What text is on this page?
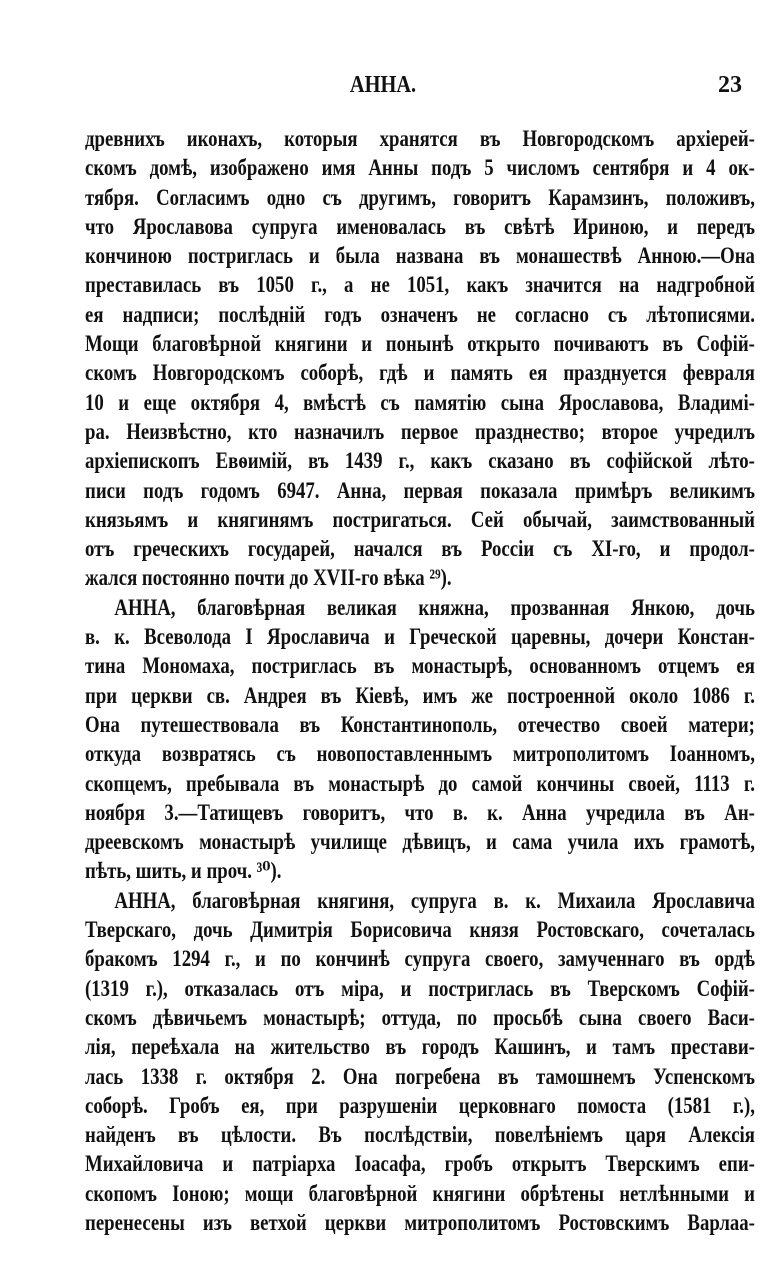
АННА.	23
древнихъ иконахъ, которыя хранятся въ Новгородскомъ архіерей-
скомъ домѣ, изображено имя Анны подъ 5 числомъ сентября и 4 ок-
тября. Согласимъ одно съ другимъ, говоритъ Карамзинъ, положивъ,
что Ярославова супруга именовалась въ свѣтѣ Ириною, и передъ
кончиною постриглась и была названа въ монашествѣ Анною.—Она
преставилась въ 1050 г., а не 1051, какъ значится на надгробной
ея надписи; послѣдній годъ означенъ не согласно съ лѣтописями.
Мощи благовѣрной княгини и понынѣ открыто почиваютъ въ Софій-
скомъ Новгородскомъ соборѣ, гдѣ и память ея празднуется февраля
10 и еще октября 4, вмѣстѣ съ памятію сына Ярославова, Владимі-
ра. Неизвѣстно, кто назначилъ первое празднество; второе учредилъ
архіепископъ Евѳимій, въ 1439 г., какъ сказано въ софійской лѣто-
писи подъ годомъ 6947. Анна, первая показала примѣръ великимъ
князьямъ и княгинямъ постригаться. Сей обычай, заимствованный
отъ греческихъ государей, начался въ Россіи съ XI-го, и продол-
жался постоянно почти до XVII-го вѣка ²⁹).
АННА, благовѣрная великая княжна, прозванная Янкою, дочь
в. к. Всеволода I Ярославича и Греческой царевны, дочери Констан-
тина Мономаха, постриглась въ монастырѣ, основанномъ отцемъ ея
при церкви св. Андрея въ Кіевѣ, имъ же построенной около 1086 г.
Она путешествовала въ Константинополь, отечество своей матери;
откуда возвратясь съ новопоставленнымъ митрополитомъ Іоанномъ,
скопцемъ, пребывала въ монастырѣ до самой кончины своей, 1113 г.
ноября 3.—Татищевъ говоритъ, что в. к. Анна учредила въ Ан-
дреевскомъ монастырѣ училище дѣвицъ, и сама учила ихъ грамотѣ,
пѣть, шить, и проч. ³⁰).
АННА, благовѣрная княгиня, супруга в. к. Михаила Ярославича
Тверскаго, дочь Димитрія Борисовича князя Ростовскаго, сочеталась
бракомъ 1294 г., и по кончинѣ супруга своего, замученнаго въ ордѣ
(1319 г.), отказалась отъ міра, и постриглась въ Тверскомъ Софій-
скомъ дѣвичьемъ монастырѣ; оттуда, по просьбѣ сына своего Васи-
лія, переѣхала на жительство въ городъ Кашинъ, и тамъ престави-
лась 1338 г. октября 2. Она погребена въ тамошнемъ Успенскомъ
соборѣ. Гробъ ея, при разрушеніи церковнаго помоста (1581 г.),
найденъ въ цѣлости. Въ послѣдствіи, повелѣніемъ царя Алексія
Михайловича и патріарха Іоасафа, гробъ открытъ Тверскимъ епи-
скопомъ Іоною; мощи благовѣрной княгини обрѣтены нетлѣнными и
перенесены изъ ветхой церкви митрополитомъ Ростовскимъ Варлаа-
